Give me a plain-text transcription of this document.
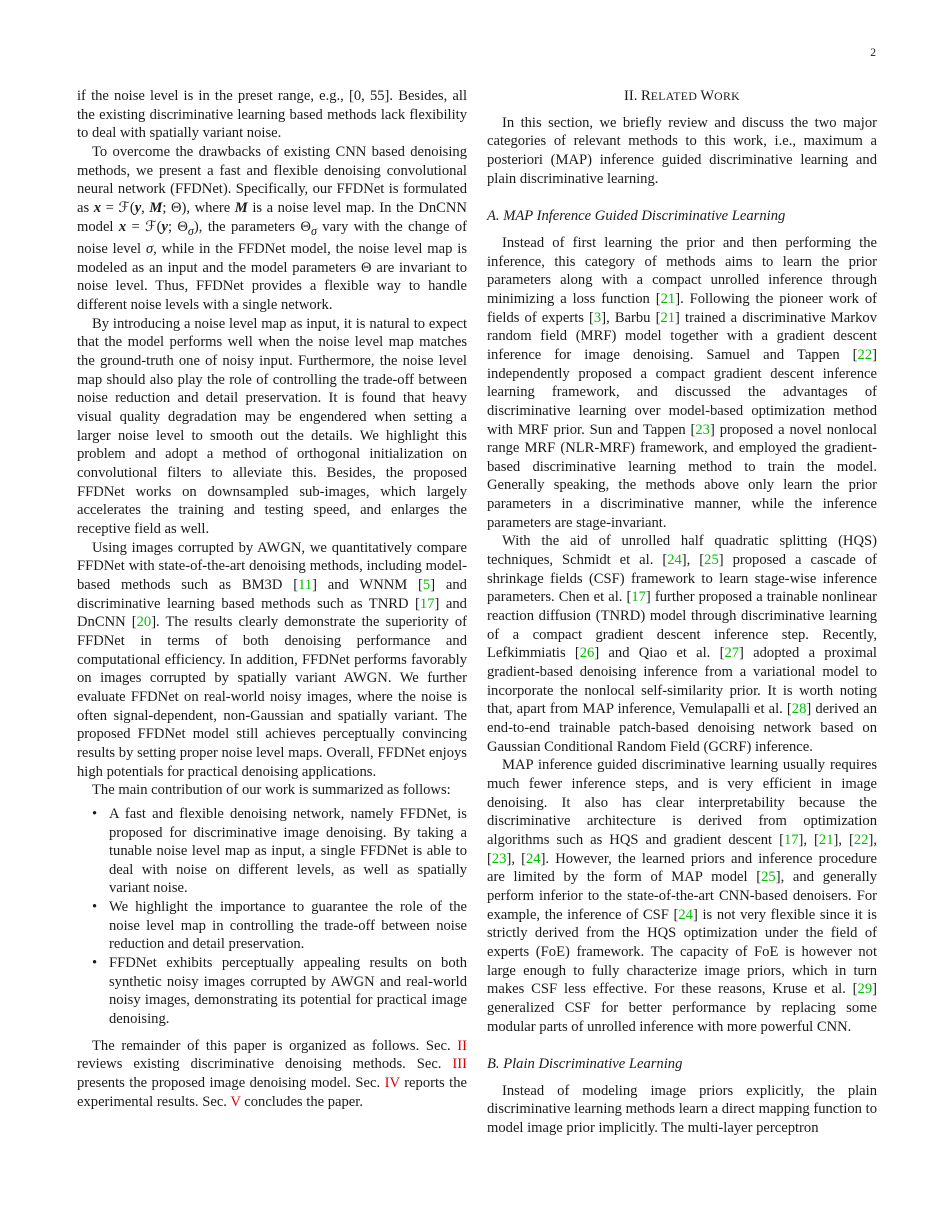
2

if the noise level is in the preset range, e.g., [0, 55]. Besides, all the existing discriminative learning based methods lack flexibility to deal with spatially variant noise.

To overcome the drawbacks of existing CNN based denoising methods, we present a fast and flexible denoising convolutional neural network (FFDNet). Specifically, our FFDNet is formulated as x = ℱ(y, M; Θ), where M is a noise level map. In the DnCNN model x = ℱ(y; $\Theta_\sigma$), the parameters $\Theta_\sigma$ vary with the change of noise level σ, while in the FFDNet model, the noise level map is modeled as an input and the model parameters Θ are invariant to noise level. Thus, FFDNet provides a flexible way to handle different noise levels with a single network.

By introducing a noise level map as input, it is natural to expect that the model performs well when the noise level map matches the ground-truth one of noisy input. Furthermore, the noise level map should also play the role of controlling the trade-off between noise reduction and detail preservation. It is found that heavy visual quality degradation may be engendered when setting a larger noise level to smooth out the details. We highlight this problem and adopt a method of orthogonal initialization on convolutional filters to alleviate this. Besides, the proposed FFDNet works on downsampled sub-images, which largely accelerates the training and testing speed, and enlarges the receptive field as well.

Using images corrupted by AWGN, we quantitatively compare FFDNet with state-of-the-art denoising methods, including model-based methods such as BM3D [11] and WNNM [5] and discriminative learning based methods such as TNRD [17] and DnCNN [20]. The results clearly demonstrate the superiority of FFDNet in terms of both denoising performance and computational efficiency. In addition, FFDNet performs favorably on images corrupted by spatially variant AWGN. We further evaluate FFDNet on real-world noisy images, where the noise is often signal-dependent, non-Gaussian and spatially variant. The proposed FFDNet model still achieves perceptually convincing results by setting proper noise level maps. Overall, FFDNet enjoys high potentials for practical denoising applications.

The main contribution of our work is summarized as follows:

• A fast and flexible denoising network, namely FFDNet, is proposed for discriminative image denoising. By taking a tunable noise level map as input, a single FFDNet is able to deal with noise on different levels, as well as spatially variant noise.
• We highlight the importance to guarantee the role of the noise level map in controlling the trade-off between noise reduction and detail preservation.
• FFDNet exhibits perceptually appealing results on both synthetic noisy images corrupted by AWGN and real-world noisy images, demonstrating its potential for practical image denoising.

The remainder of this paper is organized as follows. Sec. II reviews existing discriminative denoising methods. Sec. III presents the proposed image denoising model. Sec. IV reports the experimental results. Sec. V concludes the paper.

II. RELATED WORK

In this section, we briefly review and discuss the two major categories of relevant methods to this work, i.e., maximum a posteriori (MAP) inference guided discriminative learning and plain discriminative learning.

A. MAP Inference Guided Discriminative Learning

Instead of first learning the prior and then performing the inference, this category of methods aims to learn the prior parameters along with a compact unrolled inference through minimizing a loss function [21]. Following the pioneer work of fields of experts [3], Barbu [21] trained a discriminative Markov random field (MRF) model together with a gradient descent inference for image denoising. Samuel and Tappen [22] independently proposed a compact gradient descent inference learning framework, and discussed the advantages of discriminative learning over model-based optimization method with MRF prior. Sun and Tappen [23] proposed a novel nonlocal range MRF (NLR-MRF) framework, and employed the gradient-based discriminative learning method to train the model. Generally speaking, the methods above only learn the prior parameters in a discriminative manner, while the inference parameters are stage-invariant.

With the aid of unrolled half quadratic splitting (HQS) techniques, Schmidt et al. [24], [25] proposed a cascade of shrinkage fields (CSF) framework to learn stage-wise inference parameters. Chen et al. [17] further proposed a trainable nonlinear reaction diffusion (TNRD) model through discriminative learning of a compact gradient descent inference step. Recently, Lefkimmiatis [26] and Qiao et al. [27] adopted a proximal gradient-based denoising inference from a variational model to incorporate the nonlocal self-similarity prior. It is worth noting that, apart from MAP inference, Vemulapalli et al. [28] derived an end-to-end trainable patch-based denoising network based on Gaussian Conditional Random Field (GCRF) inference.

MAP inference guided discriminative learning usually requires much fewer inference steps, and is very efficient in image denoising. It also has clear interpretability because the discriminative architecture is derived from optimization algorithms such as HQS and gradient descent [17], [21], [22], [23], [24]. However, the learned priors and inference procedure are limited by the form of MAP model [25], and generally perform inferior to the state-of-the-art CNN-based denoisers. For example, the inference of CSF [24] is not very flexible since it is strictly derived from the HQS optimization under the field of experts (FoE) framework. The capacity of FoE is however not large enough to fully characterize image priors, which in turn makes CSF less effective. For these reasons, Kruse et al. [29] generalized CSF for better performance by replacing some modular parts of unrolled inference with more powerful CNN.

B. Plain Discriminative Learning

Instead of modeling image priors explicitly, the plain discriminative learning methods learn a direct mapping function to model image prior implicitly. The multi-layer perceptron
